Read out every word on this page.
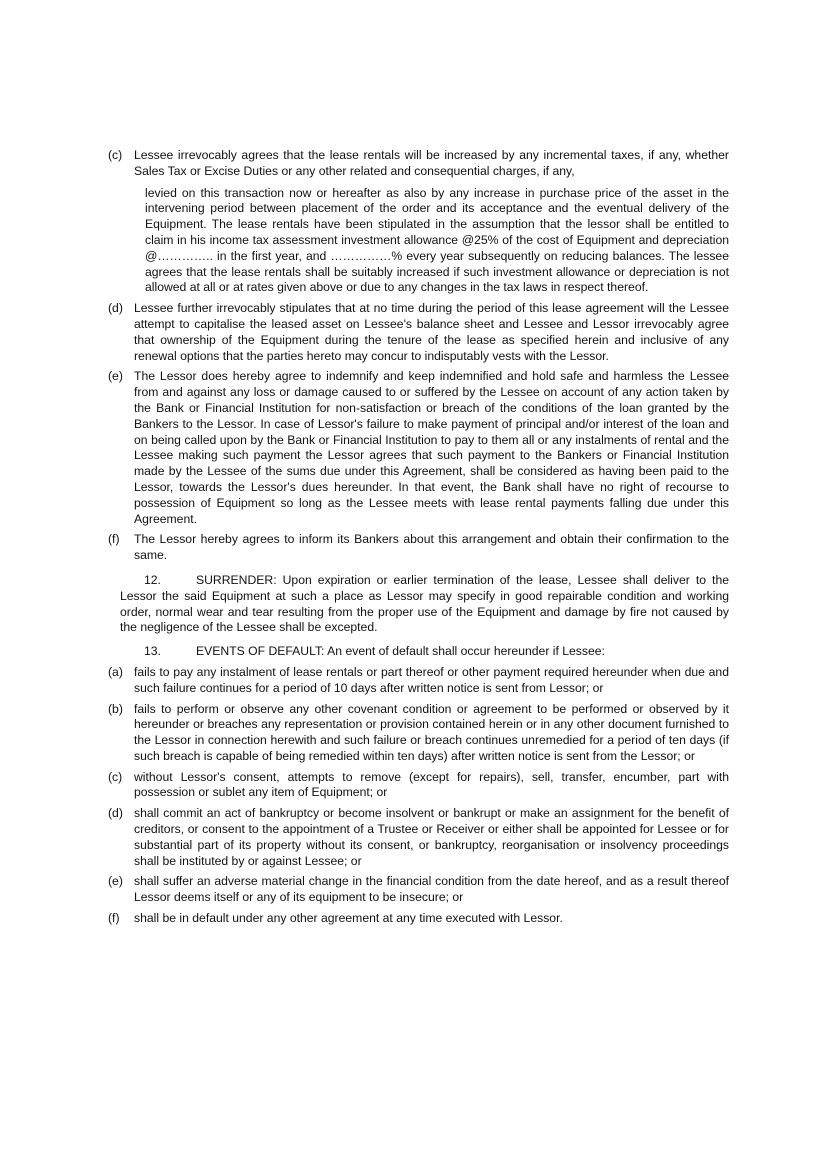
(c) Lessee irrevocably agrees that the lease rentals will be increased by any incremental taxes, if any, whether Sales Tax or Excise Duties or any other related and consequential charges, if any,
levied on this transaction now or hereafter as also by any increase in purchase price of the asset in the intervening period between placement of the order and its acceptance and the eventual delivery of the Equipment. The lease rentals have been stipulated in the assumption that the lessor shall be entitled to claim in his income tax assessment investment allowance @25% of the cost of Equipment and depreciation @………….. in the first year, and ……………% every year subsequently on reducing balances. The lessee agrees that the lease rentals shall be suitably increased if such investment allowance or depreciation is not allowed at all or at rates given above or due to any changes in the tax laws in respect thereof.
(d) Lessee further irrevocably stipulates that at no time during the period of this lease agreement will the Lessee attempt to capitalise the leased asset on Lessee's balance sheet and Lessee and Lessor irrevocably agree that ownership of the Equipment during the tenure of the lease as specified herein and inclusive of any renewal options that the parties hereto may concur to indisputably vests with the Lessor.
(e) The Lessor does hereby agree to indemnify and keep indemnified and hold safe and harmless the Lessee from and against any loss or damage caused to or suffered by the Lessee on account of any action taken by the Bank or Financial Institution for non-satisfaction or breach of the conditions of the loan granted by the Bankers to the Lessor. In case of Lessor's failure to make payment of principal and/or interest of the loan and on being called upon by the Bank or Financial Institution to pay to them all or any instalments of rental and the Lessee making such payment the Lessor agrees that such payment to the Bankers or Financial Institution made by the Lessee of the sums due under this Agreement, shall be considered as having been paid to the Lessor, towards the Lessor's dues hereunder. In that event, the Bank shall have no right of recourse to possession of Equipment so long as the Lessee meets with lease rental payments falling due under this Agreement.
(f) The Lessor hereby agrees to inform its Bankers about this arrangement and obtain their confirmation to the same.
12.	SURRENDER: Upon expiration or earlier termination of the lease, Lessee shall deliver to the Lessor the said Equipment at such a place as Lessor may specify in good repairable condition and working order, normal wear and tear resulting from the proper use of the Equipment and damage by fire not caused by the negligence of the Lessee shall be excepted.
13.	EVENTS OF DEFAULT: An event of default shall occur hereunder if Lessee:
(a) fails to pay any instalment of lease rentals or part thereof or other payment required hereunder when due and such failure continues for a period of 10 days after written notice is sent from Lessor; or
(b) fails to perform or observe any other covenant condition or agreement to be performed or observed by it hereunder or breaches any representation or provision contained herein or in any other document furnished to the Lessor in connection herewith and such failure or breach continues unremedied for a period of ten days (if such breach is capable of being remedied within ten days) after written notice is sent from the Lessor; or
(c) without Lessor's consent, attempts to remove (except for repairs), sell, transfer, encumber, part with possession or sublet any item of Equipment; or
(d) shall commit an act of bankruptcy or become insolvent or bankrupt or make an assignment for the benefit of creditors, or consent to the appointment of a Trustee or Receiver or either shall be appointed for Lessee or for substantial part of its property without its consent, or bankruptcy, reorganisation or insolvency proceedings shall be instituted by or against Lessee; or
(e) shall suffer an adverse material change in the financial condition from the date hereof, and as a result thereof Lessor deems itself or any of its equipment to be insecure; or
(f) shall be in default under any other agreement at any time executed with Lessor.
